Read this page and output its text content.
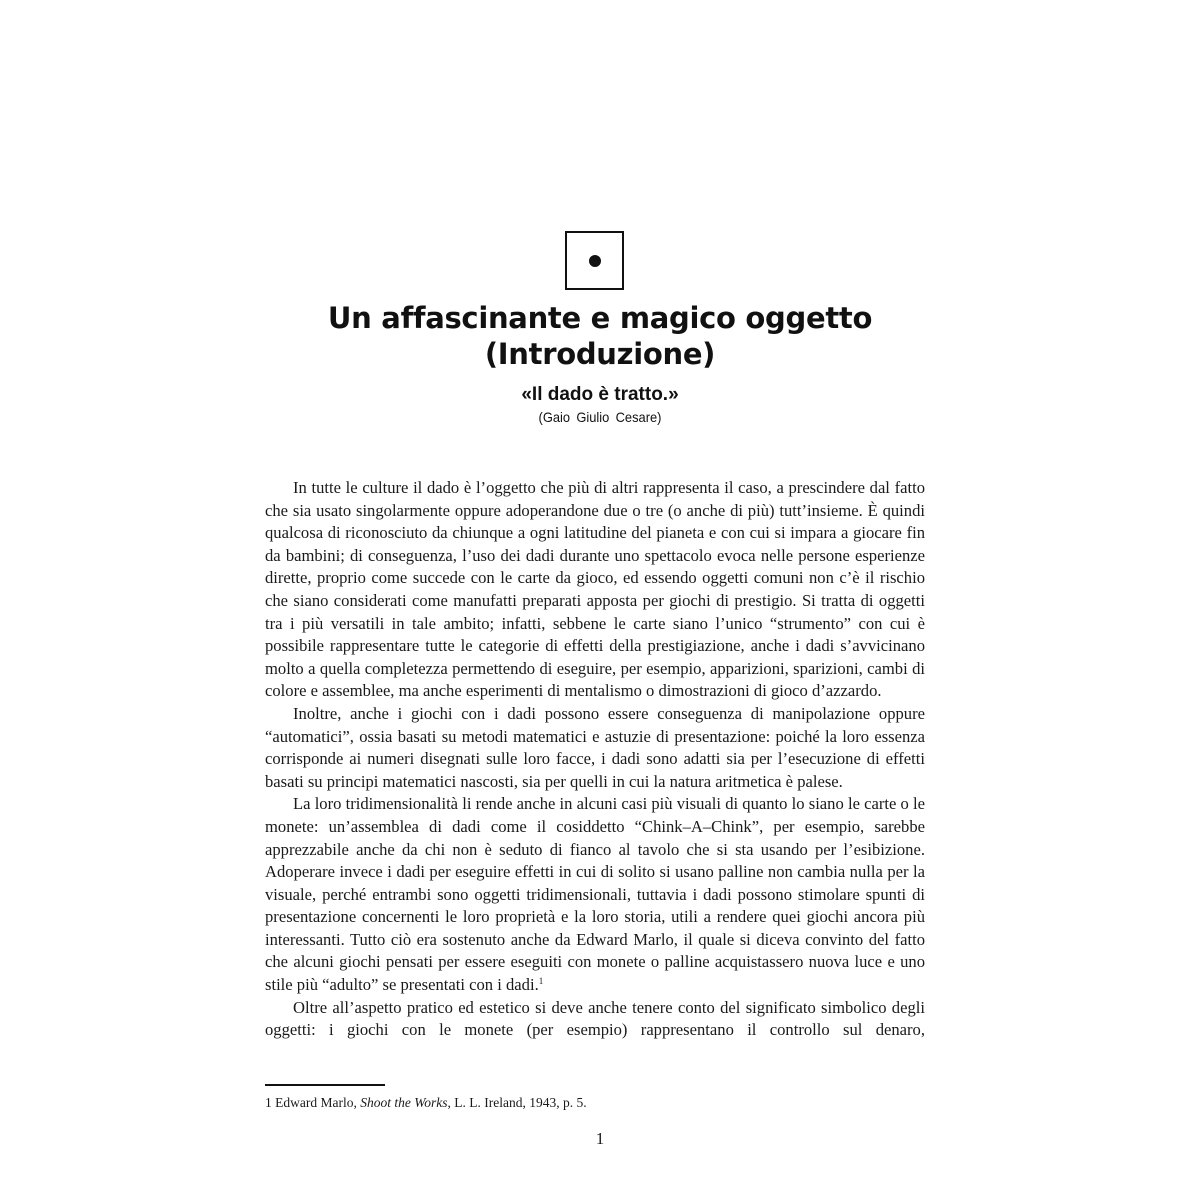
Un affascinante e magico oggetto
(Introduzione)
«Il dado è tratto.»
(Gaio Giulio Cesare)

In tutte le culture il dado è l’oggetto che più di altri rappresenta il caso, a prescindere dal fatto che sia usato singolarmente oppure adoperandone due o tre (o anche di più) tutt’insieme. È quindi qualcosa di riconosciuto da chiunque a ogni latitudine del pianeta e con cui si impara a giocare fin da bambini; di conseguenza, l’uso dei dadi durante uno spettacolo evoca nelle persone esperienze dirette, proprio come succede con le carte da gioco, ed essendo oggetti comuni non c’è il rischio che siano considerati come manufatti preparati apposta per giochi di prestigio. Si tratta di oggetti tra i più versatili in tale ambito; infatti, sebbene le carte siano l’unico “strumento” con cui è possibile rappresentare tutte le categorie di effetti della prestigiazione, anche i dadi s’avvicinano molto a quella completezza permettendo di eseguire, per esempio, apparizioni, sparizioni, cambi di colore e assemblee, ma anche esperimenti di mentalismo o dimostrazioni di gioco d’azzardo.

Inoltre, anche i giochi con i dadi possono essere conseguenza di manipolazione oppure “automatici”, ossia basati su metodi matematici e astuzie di presentazione: poiché la loro essenza corrisponde ai numeri disegnati sulle loro facce, i dadi sono adatti sia per l’esecuzione di effetti basati su principi matematici nascosti, sia per quelli in cui la natura aritmetica è palese.

La loro tridimensionalità li rende anche in alcuni casi più visuali di quanto lo siano le carte o le monete: un’assemblea di dadi come il cosiddetto “Chink–A–Chink”, per esempio, sarebbe apprezzabile anche da chi non è seduto di fianco al tavolo che si sta usando per l’esibizione. Adoperare invece i dadi per eseguire effetti in cui di solito si usano palline non cambia nulla per la visuale, perché entrambi sono oggetti tridimensionali, tuttavia i dadi possono stimolare spunti di presentazione concernenti le loro proprietà e la loro storia, utili a rendere quei giochi ancora più interessanti. Tutto ciò era sostenuto anche da Edward Marlo, il quale si diceva convinto del fatto che alcuni giochi pensati per essere eseguiti con monete o palline acquistassero nuova luce e uno stile più “adulto” se presentati con i dadi.$^1$

Oltre all’aspetto pratico ed estetico si deve anche tenere conto del significato simbolico degli oggetti: i giochi con le monete (per esempio) rappresentano il controllo sul denaro,

1 Edward Marlo, Shoot the Works, L. L. Ireland, 1943, p. 5.
1
